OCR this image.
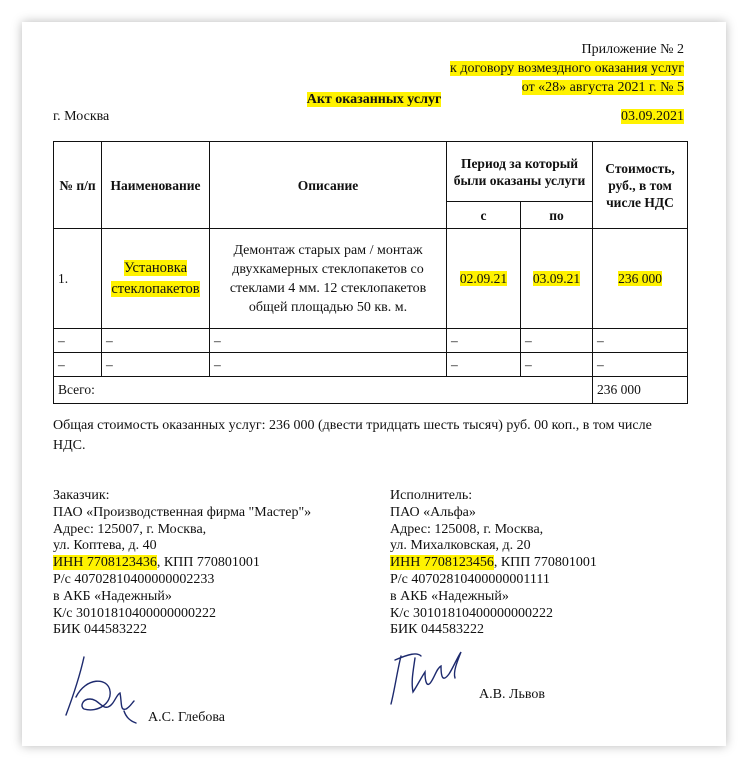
Приложение № 2
к договору возмездного оказания услуг
от «28» августа 2021 г. № 5
Акт оказанных услуг
г. Москва	03.09.2021
№ п/п	Наименование	Описание	Период за который были оказаны услуги		Стоимость, руб., в том числе НДС
			с	по	
1.	Установка стеклопакетов	Демонтаж старых рам / монтаж двухкамерных стеклопакетов со стеклами 4 мм. 12 стеклопакетов общей площадью 50 кв. м.	02.09.21	03.09.21	236 000
–	–	–	–	–	–
–	–	–	–	–	–
Всего:					236 000
Общая стоимость оказанных услуг: 236 000 (двести тридцать шесть тысяч) руб. 00 коп., в том числе НДС.
Заказчик:
ПАО «Производственная фирма "Мастер"»
Адрес: 125007, г. Москва,
ул. Коптева, д. 40
ИНН 7708123436, КПП 770801001
Р/с 40702810400000002233
в АКБ «Надежный»
К/с 30101810400000000222
БИК 044583222
Исполнитель:
ПАО «Альфа»
Адрес: 125008, г. Москва,
ул. Михалковская, д. 20
ИНН 7708123456, КПП 770801001
Р/с 40702810400000001111
в АКБ «Надежный»
К/с 30101810400000000222
БИК 044583222
А.С. Глебова
А.В. Львов
